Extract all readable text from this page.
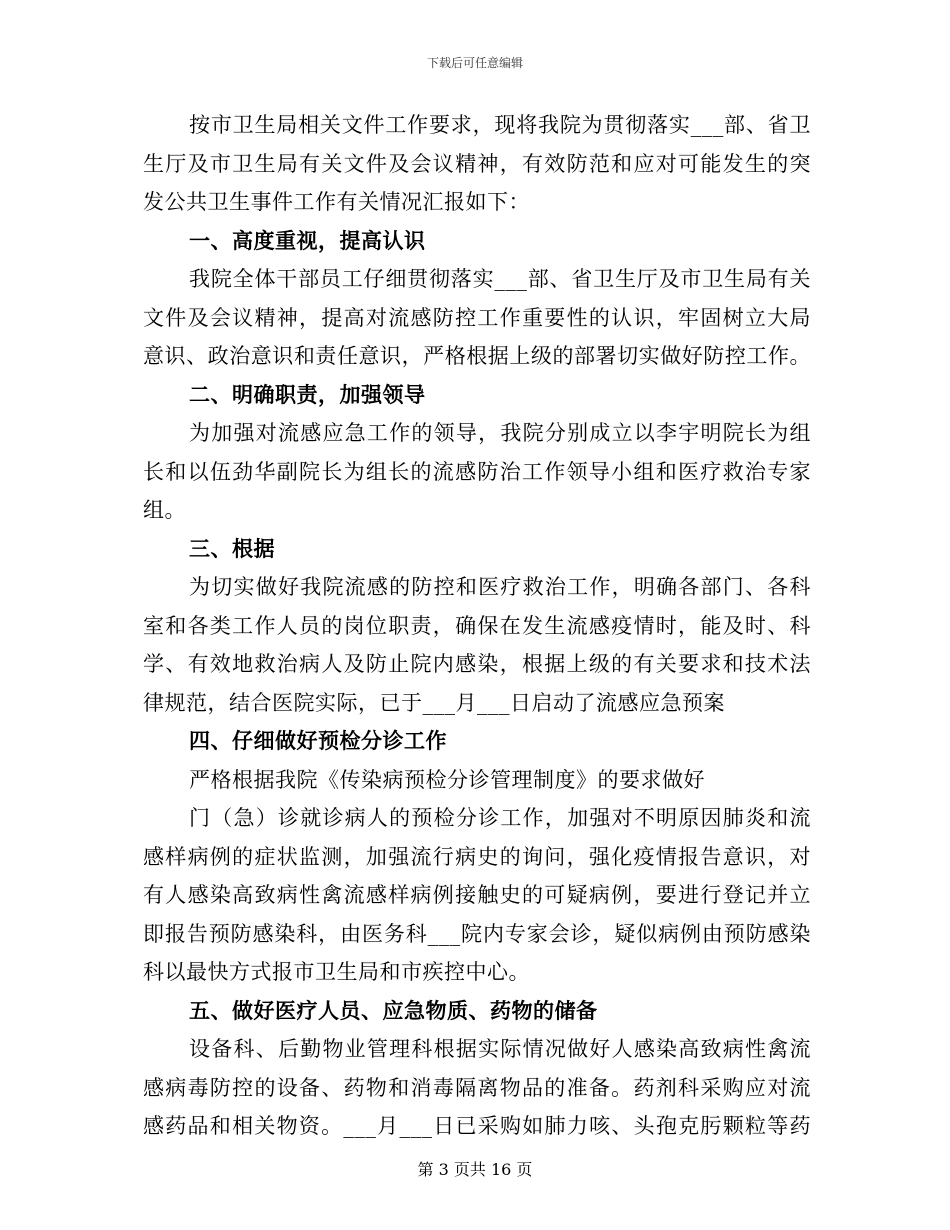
下载后可任意编辑
按市卫生局相关文件工作要求，现将我院为贯彻落实___部、省卫
生厅及市卫生局有关文件及会议精神，有效防范和应对可能发生的突
发公共卫生事件工作有关情况汇报如下：
一、高度重视，提高认识
我院全体干部员工仔细贯彻落实___部、省卫生厅及市卫生局有关
文件及会议精神，提高对流感防控工作重要性的认识，牢固树立大局
意识、政治意识和责任意识，严格根据上级的部署切实做好防控工作。
二、明确职责，加强领导
为加强对流感应急工作的领导，我院分别成立以李宇明院长为组
长和以伍劲华副院长为组长的流感防治工作领导小组和医疗救治专家
组。
三、根据
为切实做好我院流感的防控和医疗救治工作，明确各部门、各科
室和各类工作人员的岗位职责，确保在发生流感疫情时，能及时、科
学、有效地救治病人及防止院内感染，根据上级的有关要求和技术法
律规范，结合医院实际，已于___月___日启动了流感应急预案
四、仔细做好预检分诊工作
严格根据我院《传染病预检分诊管理制度》的要求做好
门（急）诊就诊病人的预检分诊工作，加强对不明原因肺炎和流
感样病例的症状监测，加强流行病史的询问，强化疫情报告意识，对
有人感染高致病性禽流感样病例接触史的可疑病例，要进行登记并立
即报告预防感染科，由医务科___院内专家会诊，疑似病例由预防感染
科以最快方式报市卫生局和市疾控中心。
五、做好医疗人员、应急物质、药物的储备
设备科、后勤物业管理科根据实际情况做好人感染高致病性禽流
感病毒防控的设备、药物和消毒隔离物品的准备。药剂科采购应对流
感药品和相关物资。___月___日已采购如肺力咳、头孢克肟颗粒等药
第 3 页共 16 页
